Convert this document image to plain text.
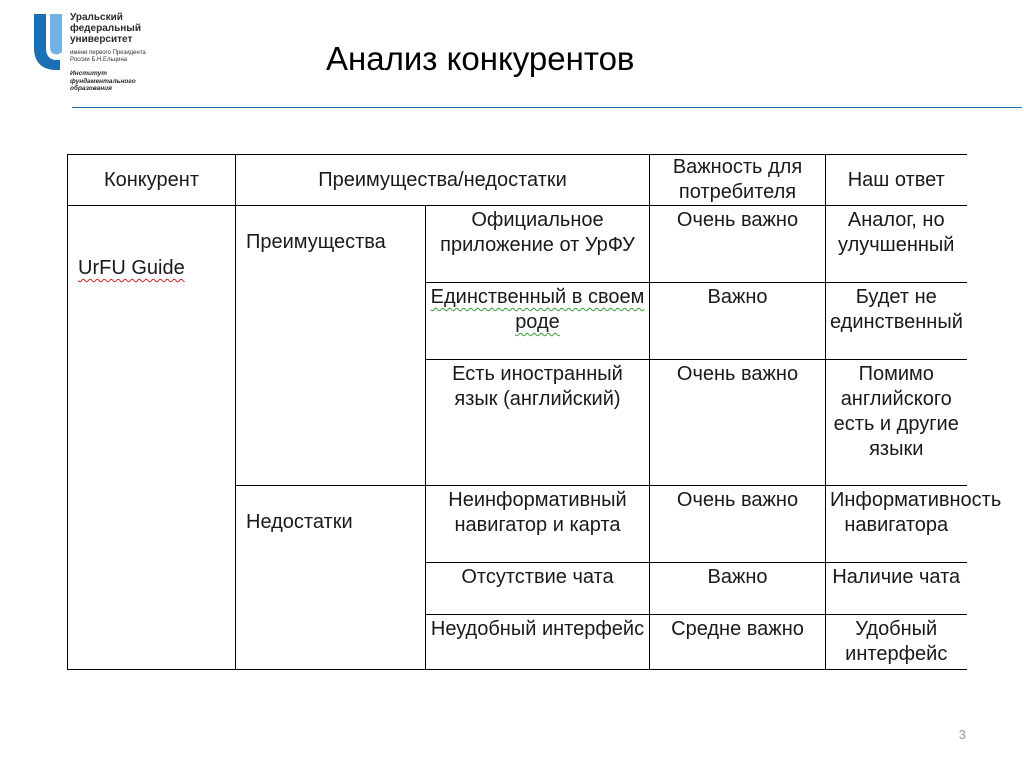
Уральский
федеральный
университет
имени первого Президента
России Б.Н.Ельцина
Институт
фундаментального
образования
Анализ конкурентов
Конкурент	Преимущества/недостатки		Важность для потребителя	Наш ответ
UrFU Guide	Преимущества	Официальное приложение от УрФУ	Очень важно	Аналог, но улучшенный
		Единственный в своем роде	Важно	Будет не единственный
		Есть иностранный язык (английский)	Очень важно	Помимо английского есть и другие языки
	Недостатки	Неинформативный навигатор и карта	Очень важно	Информативность навигатора
		Отсутствие чата	Важно	Наличие чата
		Неудобный интерфейс	Средне важно	Удобный интерфейс
3
